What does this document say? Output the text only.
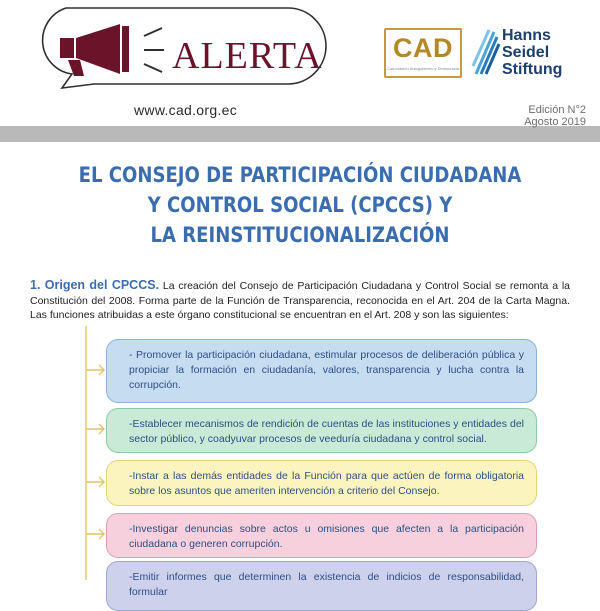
ALERTA
www.cad.org.ec
CAD
Corporación Autogobierno y Democracia
Hanns
Seidel
Stiftung
Edición N°2
Agosto 2019
EL CONSEJO DE PARTICIPACIÓN CIUDADANA
Y CONTROL SOCIAL (CPCCS) Y
LA REINSTITUCIONALIZACIÓN
1. Origen del CPCCS. La creación del Consejo de Participación Ciudadana y Control Social se remonta a la Constitución del 2008. Forma parte de la Función de Transparencia, reconocida en el Art. 204 de la Carta Magna. Las funciones atribuidas a este órgano constitucional se encuentran en el Art. 208 y son las siguientes:
- Promover la participación ciudadana, estimular procesos de deliberación pública y propiciar la formación en ciudadanía, valores, transparencia y lucha contra la corrupción.
-Establecer mecanismos de rendición de cuentas de las instituciones y entidades del sector público, y coadyuvar procesos de veeduría ciudadana y control social.
-Instar a las demás entidades de la Función para que actúen de forma obligatoria sobre los asuntos que ameriten intervención a criterio del Consejo.
-Investigar denuncias sobre actos u omisiones que afecten a la participación ciudadana o generen corrupción.
-Emitir informes que determinen la existencia de indicios de responsabilidad, formular
